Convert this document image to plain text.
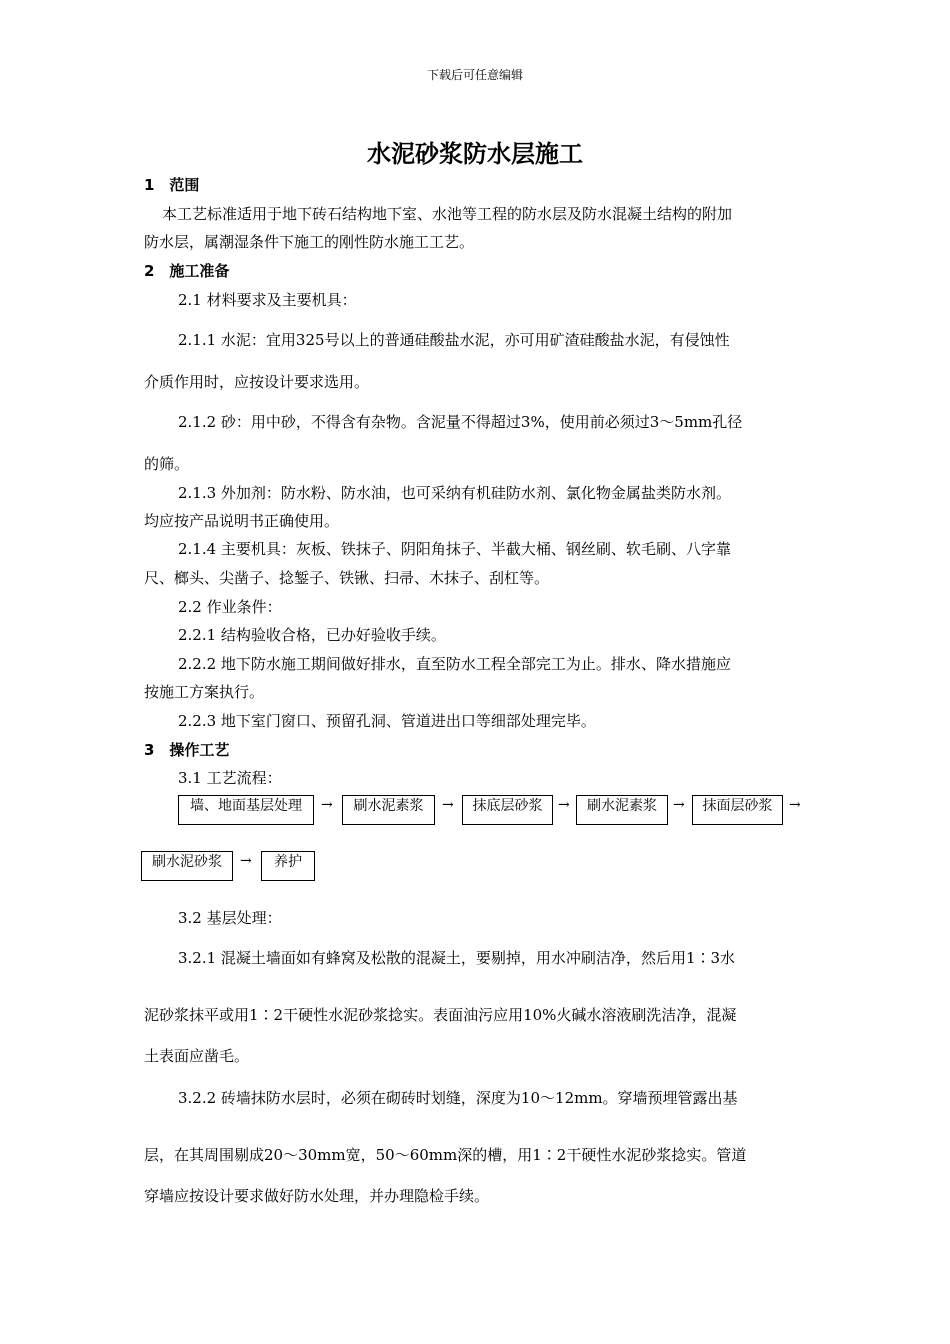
下载后可任意编辑
水泥砂浆防水层施工
1　范围
本工艺标准适用于地下砖石结构地下室、水池等工程的防水层及防水混凝土结构的附加
防水层，属潮湿条件下施工的刚性防水施工工艺。
2　施工准备
2.1 材料要求及主要机具：
2.1.1 水泥：宜用325号以上的普通硅酸盐水泥，亦可用矿渣硅酸盐水泥，有侵蚀性
介质作用时，应按设计要求选用。
2.1.2 砂：用中砂，不得含有杂物。含泥量不得超过3%，使用前必须过3～5mm孔径
的筛。
2.1.3 外加剂：防水粉、防水油，也可采纳有机硅防水剂、氯化物金属盐类防水剂。
均应按产品说明书正确使用。
2.1.4 主要机具：灰板、铁抹子、阴阳角抹子、半截大桶、钢丝刷、软毛刷、八字靠
尺、榔头、尖凿子、捻錾子、铁锹、扫帚、木抹子、刮杠等。
2.2 作业条件：
2.2.1 结构验收合格，已办好验收手续。
2.2.2 地下防水施工期间做好排水，直至防水工程全部完工为止。排水、降水措施应
按施工方案执行。
2.2.3 地下室门窗口、预留孔洞、管道进出口等细部处理完毕。
3　操作工艺
3.1 工艺流程：
墙、地面基层处理	→	刷水泥素浆	→	抹底层砂浆	→	刷水泥素浆	→	抹面层砂浆	→
刷水泥砂浆	→	养护
3.2 基层处理：
3.2.1 混凝土墙面如有蜂窝及松散的混凝土，要剔掉，用水冲刷洁净，然后用1∶3水
泥砂浆抹平或用1∶2干硬性水泥砂浆捻实。表面油污应用10%火碱水溶液刷洗洁净，混凝
土表面应凿毛。
3.2.2 砖墙抹防水层时，必须在砌砖时划缝，深度为10～12mm。穿墙预埋管露出基
层，在其周围剔成20～30mm宽，50～60mm深的槽，用1∶2干硬性水泥砂浆捻实。管道
穿墙应按设计要求做好防水处理，并办理隐检手续。
